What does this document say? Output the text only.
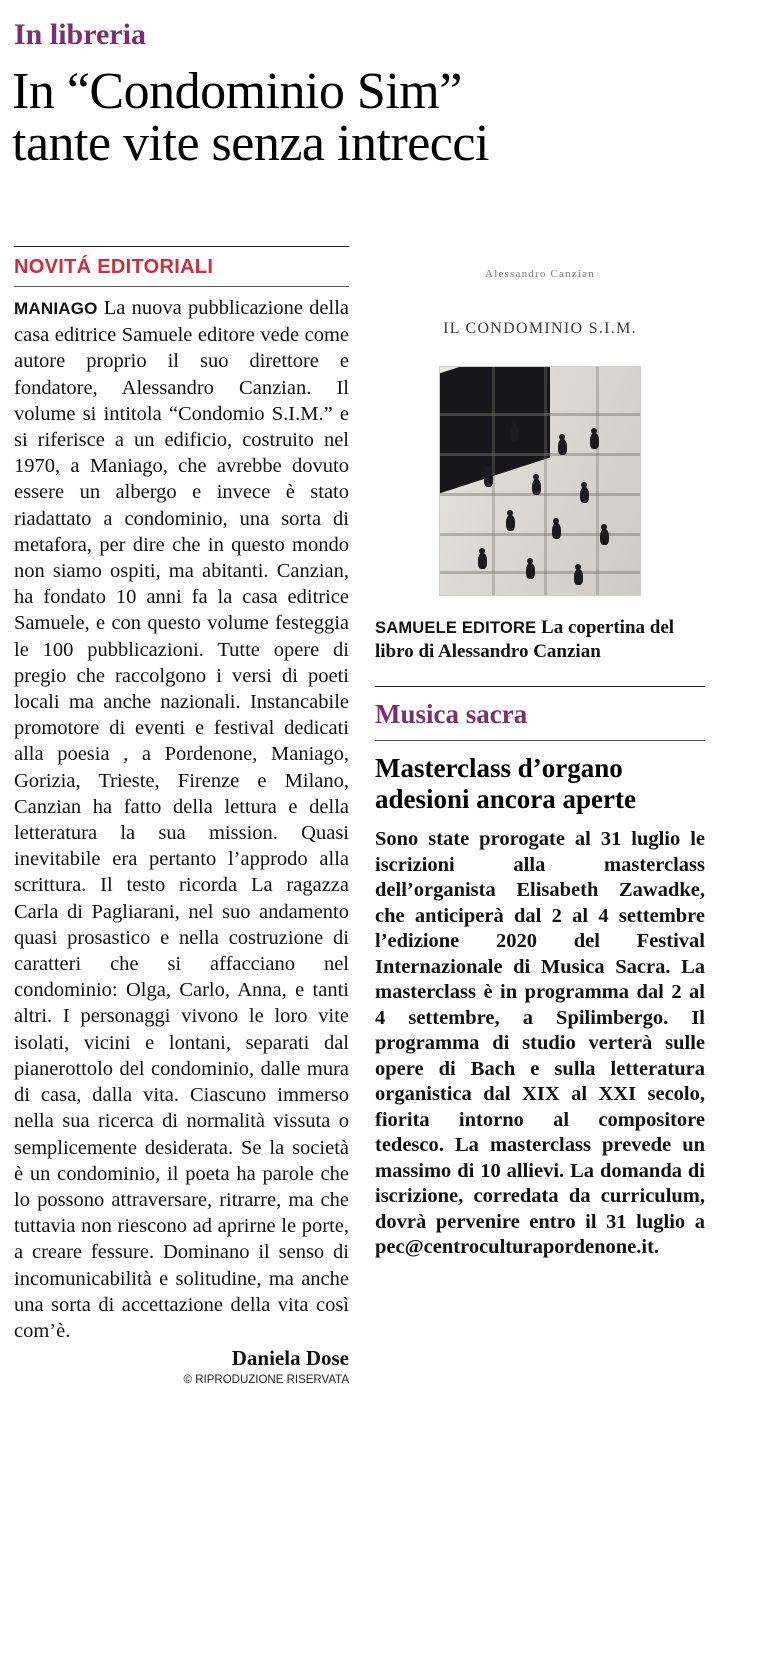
In libreria
In “Condominio Sim”
tante vite senza intrecci
NOVITÁ EDITORIALI
MANIAGO La nuova pubblicazione della casa editrice Samuele editore vede come autore proprio il suo direttore e fondatore, Alessandro Canzian. Il volume si intitola “Condomio S.I.M.” e si riferisce a un edificio, costruito nel 1970, a Maniago, che avrebbe dovuto essere un albergo e invece è stato riadattato a condominio, una sorta di metafora, per dire che in questo mondo non siamo ospiti, ma abitanti. Canzian, ha fondato 10 anni fa la casa editrice Samuele, e con questo volume festeggia le 100 pubblicazioni. Tutte opere di pregio che raccolgono i versi di poeti locali ma anche nazionali. Instancabile promotore di eventi e festival dedicati alla poesia , a Pordenone, Maniago, Gorizia, Trieste, Firenze e Milano, Canzian ha fatto della lettura e della letteratura la sua mission. Quasi inevitabile era pertanto l’approdo alla scrittura. Il testo ricorda La ragazza Carla di Pagliarani, nel suo andamento quasi prosastico e nella costruzione di caratteri che si affacciano nel condominio: Olga, Carlo, Anna, e tanti altri. I personaggi vivono le loro vite isolati, vicini e lontani, separati dal pianerottolo del condominio, dalle mura di casa, dalla vita. Ciascuno immerso nella sua ricerca di normalità vissuta o semplicemente desiderata. Se la società è un condominio, il poeta ha parole che lo possono attraversare, ritrarre, ma che tuttavia non riescono ad aprirne le porte, a creare fessure. Dominano il senso di incomunicabilità e solitudine, ma anche una sorta di accettazione della vita così com’è.
Daniela Dose
© RIPRODUZIONE RISERVATA
Alessandro Canzian
IL CONDOMINIO S.I.M.
SAMUELE EDITORE La copertina del libro di Alessandro Canzian
Musica sacra
Masterclass d’organo
adesioni ancora aperte
Sono state prorogate al 31 luglio le iscrizioni alla masterclass dell’organista Elisabeth Zawadke, che anticiperà dal 2 al 4 settembre l’edizione 2020 del Festival Internazionale di Musica Sacra. La masterclass è in programma dal 2 al 4 settembre, a Spilimbergo. Il programma di studio verterà sulle opere di Bach e sulla letteratura organistica dal XIX al XXI secolo, fiorita intorno al compositore tedesco. La masterclass prevede un massimo di 10 allievi. La domanda di iscrizione, corredata da curriculum, dovrà pervenire entro il 31 luglio a pec@centroculturapordenone.it.
